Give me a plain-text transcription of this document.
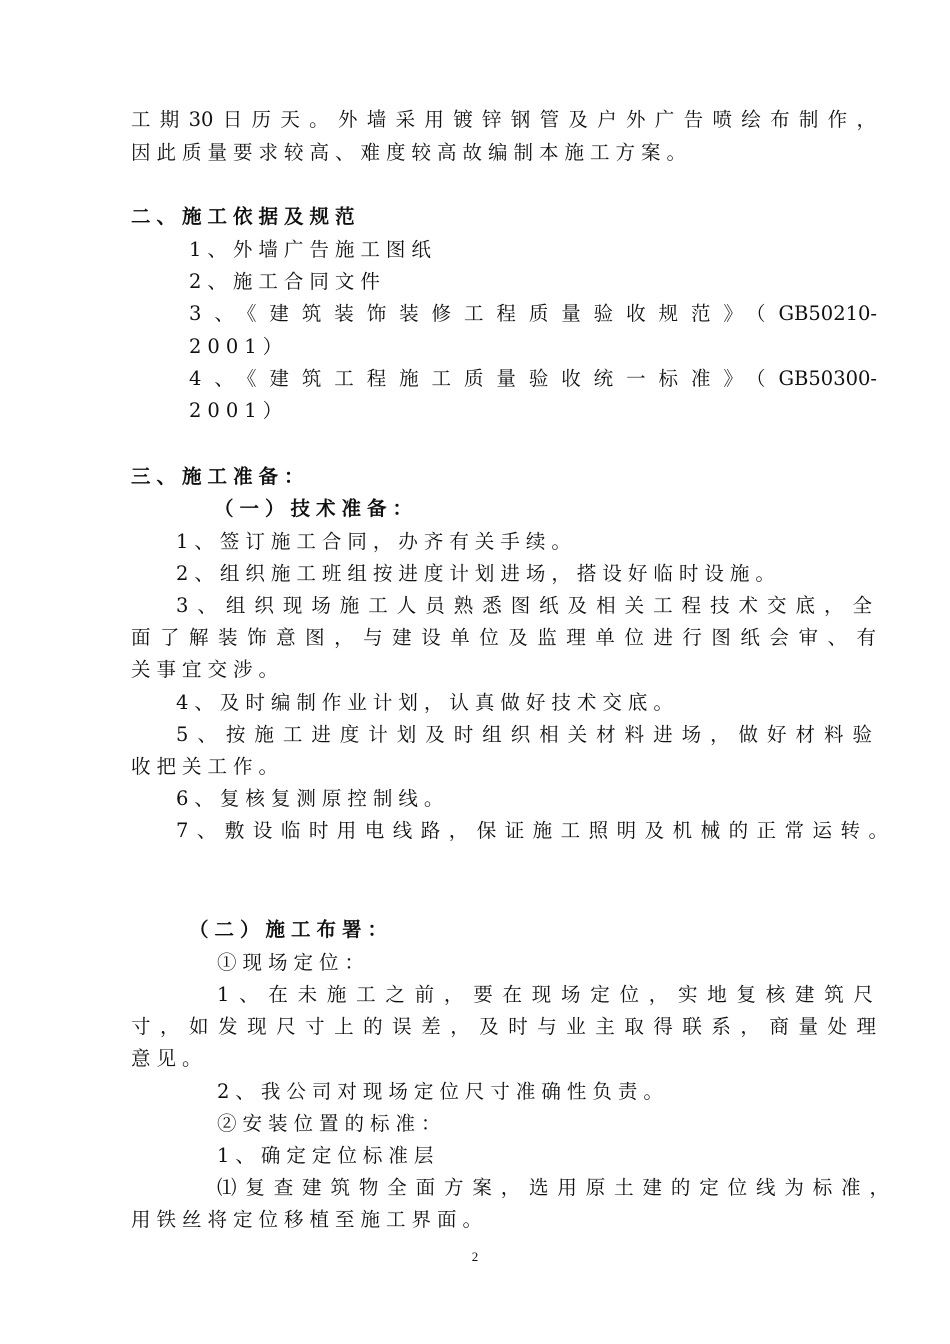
工期30日历天。外墙采用镀锌钢管及户外广告喷绘布制作，
因此质量要求较高、难度较高故编制本施工方案。
二、施工依据及规范
1、外墙广告施工图纸
2、施工合同文件
3、《建筑装饰装修工程质量验收规范》（GB50210-
2001）
4、《建筑工程施工质量验收统一标准》（GB50300-
2001）
三、施工准备：
（一）技术准备：
1、签订施工合同，办齐有关手续。
2、组织施工班组按进度计划进场，搭设好临时设施。
3、组织现场施工人员熟悉图纸及相关工程技术交底，全
面了解装饰意图，与建设单位及监理单位进行图纸会审、有
关事宜交涉。
4、及时编制作业计划，认真做好技术交底。
5、按施工进度计划及时组织相关材料进场，做好材料验
收把关工作。
6、复核复测原控制线。
7、敷设临时用电线路，保证施工照明及机械的正常运转。
（二）施工布署：
①现场定位：
1、在未施工之前，要在现场定位，实地复核建筑尺
寸，如发现尺寸上的误差，及时与业主取得联系，商量处理
意见。
2、我公司对现场定位尺寸准确性负责。
②安装位置的标准：
1、确定定位标准层
⑴复查建筑物全面方案，选用原土建的定位线为标准，
用铁丝将定位移植至施工界面。
2
